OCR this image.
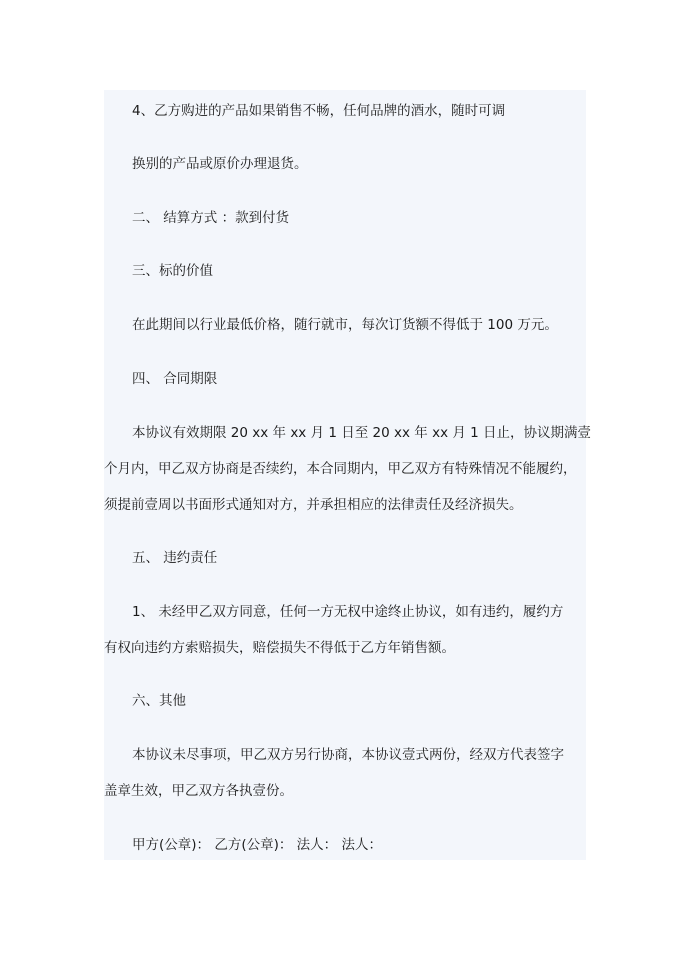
4、乙方购进的产品如果销售不畅，任何品牌的酒水，随时可调
换别的产品或原价办理退货。
二、 结算方式 ：款到付货
三、标的价值
在此期间以行业最低价格，随行就市，每次订货额不得低于 100 万元。
四、 合同期限
本协议有效期限 20 xx 年 xx 月 1 日至 20 xx 年 xx 月 1 日止，协议期满壹
个月内，甲乙双方协商是否续约，本合同期内，甲乙双方有特殊情况不能履约，
须提前壹周以书面形式通知对方，并承担相应的法律责任及经济损失。
五、 违约责任
1、 未经甲乙双方同意，任何一方无权中途终止协议，如有违约，履约方
有权向违约方索赔损失，赔偿损失不得低于乙方年销售额。
六、其他
本协议未尽事项，甲乙双方另行协商，本协议壹式两份，经双方代表签字
盖章生效，甲乙双方各执壹份。
甲方(公章)： 乙方(公章)： 法人： 法人：
